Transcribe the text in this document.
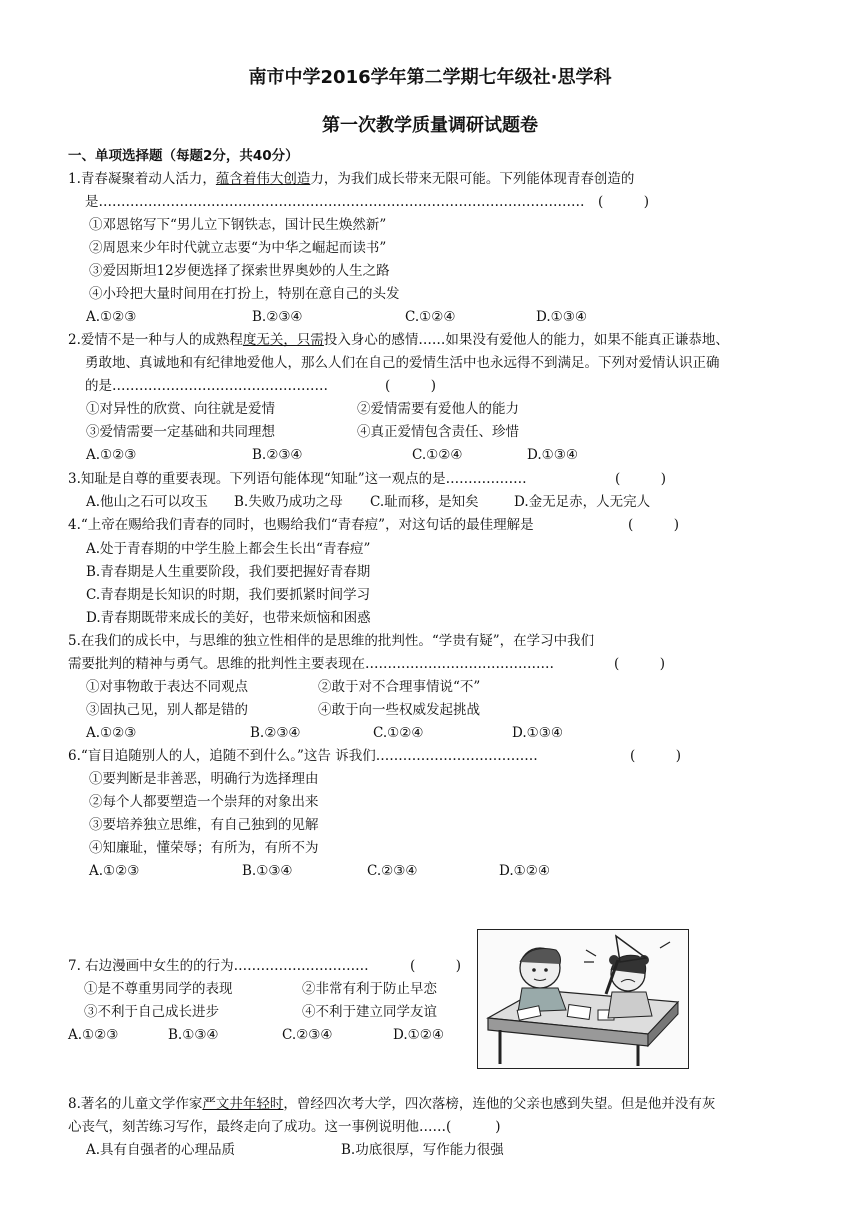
南市中学2016学年第二学期七年级社·思学科
第一次教学质量调研试题卷
一、单项选择题（每题2分，共40分）
1.青春凝聚着动人活力，蕴含着伟大创造力，为我们成长带来无限可能。下列能体现青春创造的
是……………………………………………………………………………………………… (　　　)
①邓恩铭写下“男儿立下钢铁志，国计民生焕然新”
②周恩来少年时代就立志要“为中华之崛起而读书”
③爱因斯坦12岁便选择了探索世界奥妙的人生之路
④小玲把大量时间用在打扮上，特别在意自己的头发
A.①②③	B.②③④	C.①②④	D.①③④
2.爱情不是一种与人的成熟程度无关，只需投入身心的感情……如果没有爱他人的能力，如果不能真正谦恭地、
勇敢地、真诚地和有纪律地爱他人，那么人们在自己的爱情生活中也永远得不到满足。下列对爱情认识正确
的是…………………………………………	(　　　)
①对异性的欣赏、向往就是爱情	②爱情需要有爱他人的能力
③爱情需要一定基础和共同理想	④真正爱情包含责任、珍惜
A.①②③	B.②③④	C.①②④	D.①③④
3.知耻是自尊的重要表现。下列语句能体现“知耻”这一观点的是………………	(　　　)
A.他山之石可以攻玉 B.失败乃成功之母 C.耻而移，是知矣	D.金无足赤，人无完人
4.“上帝在赐给我们青春的同时，也赐给我们“青春痘”，对这句话的最佳理解是	(　　　)
A.处于青春期的中学生脸上都会生长出“青春痘”
B.青春期是人生重要阶段，我们要把握好青春期
C.青春期是长知识的时期，我们要抓紧时间学习
D.青春期既带来成长的美好，也带来烦恼和困惑
5.在我们的成长中，与思维的独立性相伴的是思维的批判性。“学贵有疑”，在学习中我们
需要批判的精神与勇气。思维的批判性主要表现在……………………………………	(　　　)
①对事物敢于表达不同观点	②敢于对不合理事情说“不”
③固执己见，别人都是错的	④敢于向一些权威发起挑战
A.①②③	B.②③④	C.①②④	D.①③④
6.“盲目追随别人的人，追随不到什么。”这告 诉我们………………………………	(　　　)
①要判断是非善恶，明确行为选择理由
②每个人都要塑造一个崇拜的对象出来
③要培养独立思维，有自己独到的见解
④知廉耻，懂荣辱；有所为，有所不为
A.①②③	B.①③④	C.②③④	D.①②④
7. 右边漫画中女生的的行为…………………………	(　　　)
①是不尊重男同学的表现	②非常有利于防止早恋
③不利于自己成长进步	④不利于建立同学友谊
A.①②③	B.①③④	C.②③④	D.①②④
8.著名的儿童文学作家严文井年轻时，曾经四次考大学，四次落榜，连他的父亲也感到失望。但是他并没有灰
心丧气，刻苦练习写作，最终走向了成功。这一事例说明他……(	)
A.具有自强者的心理品质	B.功底很厚，写作能力很强
